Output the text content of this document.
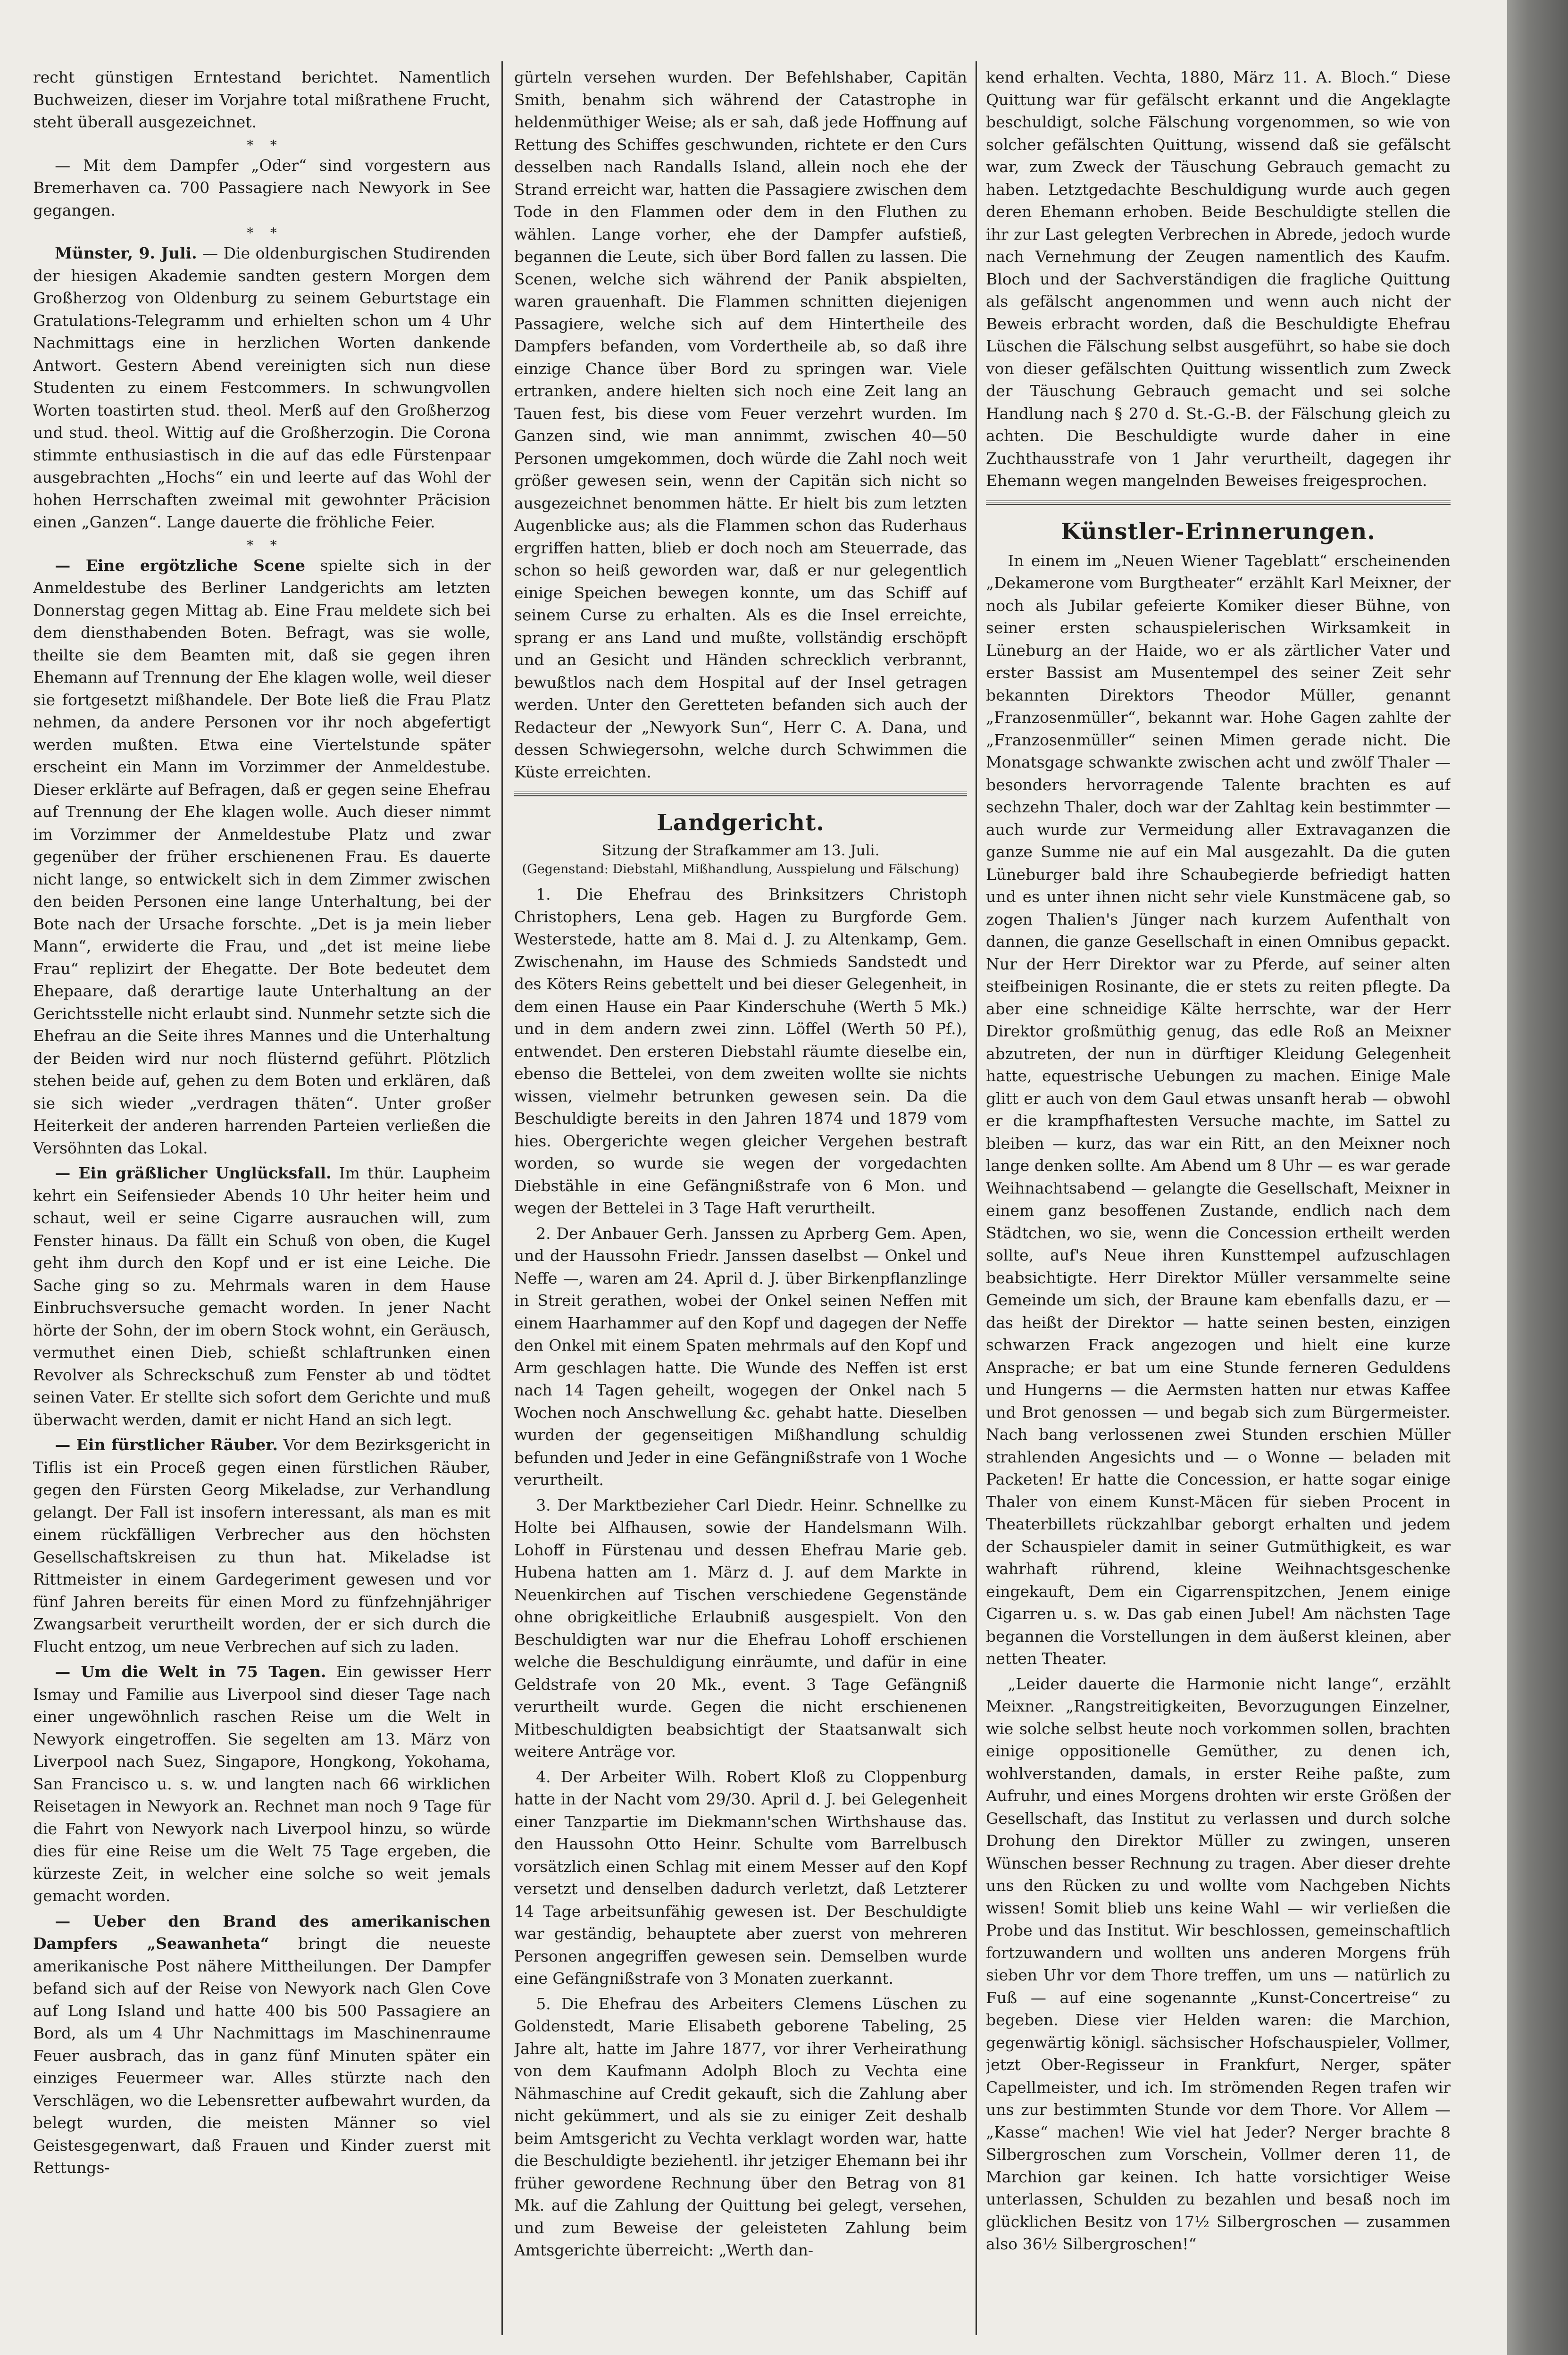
recht günstigen Erntestand berichtet. Namentlich Buchweizen, dieser im Vorjahre total mißrathene Frucht, steht überall ausgezeichnet.

*    *

— Mit dem Dampfer „Oder“ sind vorgestern aus Bremerhaven ca. 700 Passagiere nach Newyork in See gegangen.

*    *

Münster, 9. Juli. — Die oldenburgischen Studirenden der hiesigen Akademie sandten gestern Morgen dem Großherzog von Oldenburg zu seinem Geburtstage ein Gratulations-Telegramm und erhielten schon um 4 Uhr Nachmittags eine in herzlichen Worten dankende Antwort. Gestern Abend vereinigten sich nun diese Studenten zu einem Festcommers. In schwungvollen Worten toastirten stud. theol. Merß auf den Großherzog und stud. theol. Wittig auf die Großherzogin. Die Corona stimmte enthusiastisch in die auf das edle Fürstenpaar ausgebrachten „Hochs“ ein und leerte auf das Wohl der hohen Herrschaften zweimal mit gewohnter Präcision einen „Ganzen“. Lange dauerte die fröhliche Feier.

*    *

— Eine ergötzliche Scene spielte sich in der Anmeldestube des Berliner Landgerichts am letzten Donnerstag gegen Mittag ab. Eine Frau meldete sich bei dem diensthabenden Boten. Befragt, was sie wolle, theilte sie dem Beamten mit, daß sie gegen ihren Ehemann auf Trennung der Ehe klagen wolle, weil dieser sie fortgesetzt mißhandele. Der Bote ließ die Frau Platz nehmen, da andere Personen vor ihr noch abgefertigt werden mußten. Etwa eine Viertelstunde später erscheint ein Mann im Vorzimmer der Anmeldestube. Dieser erklärte auf Befragen, daß er gegen seine Ehefrau auf Trennung der Ehe klagen wolle. Auch dieser nimmt im Vorzimmer der Anmeldestube Platz und zwar gegenüber der früher erschienenen Frau. Es dauerte nicht lange, so entwickelt sich in dem Zimmer zwischen den beiden Personen eine lange Unterhaltung, bei der Bote nach der Ursache forschte. „Det is ja mein lieber Mann“, erwiderte die Frau, und „det ist meine liebe Frau“ replizirt der Ehegatte. Der Bote bedeutet dem Ehepaare, daß derartige laute Unterhaltung an der Gerichtsstelle nicht erlaubt sind. Nunmehr setzte sich die Ehefrau an die Seite ihres Mannes und die Unterhaltung der Beiden wird nur noch flüsternd geführt. Plötzlich stehen beide auf, gehen zu dem Boten und erklären, daß sie sich wieder „verdragen thäten“. Unter großer Heiterkeit der anderen harrenden Parteien verließen die Versöhnten das Lokal.

— Ein gräßlicher Unglücksfall. Im thür. Laupheim kehrt ein Seifensieder Abends 10 Uhr heiter heim und schaut, weil er seine Cigarre ausrauchen will, zum Fenster hinaus. Da fällt ein Schuß von oben, die Kugel geht ihm durch den Kopf und er ist eine Leiche. Die Sache ging so zu. Mehrmals waren in dem Hause Einbruchsversuche gemacht worden. In jener Nacht hörte der Sohn, der im obern Stock wohnt, ein Geräusch, vermuthet einen Dieb, schießt schlaftrunken einen Revolver als Schreckschuß zum Fenster ab und tödtet seinen Vater. Er stellte sich sofort dem Gerichte und muß überwacht werden, damit er nicht Hand an sich legt.

— Ein fürstlicher Räuber. Vor dem Bezirksgericht in Tiflis ist ein Proceß gegen einen fürstlichen Räuber, gegen den Fürsten Georg Mikeladse, zur Verhandlung gelangt. Der Fall ist insofern interessant, als man es mit einem rückfälligen Verbrecher aus den höchsten Gesellschaftskreisen zu thun hat. Mikeladse ist Rittmeister in einem Gardegeriment gewesen und vor fünf Jahren bereits für einen Mord zu fünfzehnjähriger Zwangsarbeit verurtheilt worden, der er sich durch die Flucht entzog, um neue Verbrechen auf sich zu laden.

— Um die Welt in 75 Tagen. Ein gewisser Herr Ismay und Familie aus Liverpool sind dieser Tage nach einer ungewöhnlich raschen Reise um die Welt in Newyork eingetroffen. Sie segelten am 13. März von Liverpool nach Suez, Singapore, Hongkong, Yokohama, San Francisco u. s. w. und langten nach 66 wirklichen Reisetagen in Newyork an. Rechnet man noch 9 Tage für die Fahrt von Newyork nach Liverpool hinzu, so würde dies für eine Reise um die Welt 75 Tage ergeben, die kürzeste Zeit, in welcher eine solche so weit jemals gemacht worden.

— Ueber den Brand des amerikanischen Dampfers „Seawanheta“ bringt die neueste amerikanische Post nähere Mittheilungen. Der Dampfer befand sich auf der Reise von Newyork nach Glen Cove auf Long Island und hatte 400 bis 500 Passagiere an Bord, als um 4 Uhr Nachmittags im Maschinenraume Feuer ausbrach, das in ganz fünf Minuten später ein einziges Feuermeer war. Alles stürzte nach den Verschlägen, wo die Lebensretter aufbewahrt wurden, da belegt wurden, die meisten Männer so viel Geistesgegenwart, daß Frauen und Kinder zuerst mit Rettungs-

gürteln versehen wurden. Der Befehlshaber, Capitän Smith, benahm sich während der Catastrophe in heldenmüthiger Weise; als er sah, daß jede Hoffnung auf Rettung des Schiffes geschwunden, richtete er den Curs desselben nach Randalls Island, allein noch ehe der Strand erreicht war, hatten die Passagiere zwischen dem Tode in den Flammen oder dem in den Fluthen zu wählen. Lange vorher, ehe der Dampfer aufstieß, begannen die Leute, sich über Bord fallen zu lassen. Die Scenen, welche sich während der Panik abspielten, waren grauenhaft. Die Flammen schnitten diejenigen Passagiere, welche sich auf dem Hintertheile des Dampfers befanden, vom Vordertheile ab, so daß ihre einzige Chance über Bord zu springen war. Viele ertranken, andere hielten sich noch eine Zeit lang an Tauen fest, bis diese vom Feuer verzehrt wurden. Im Ganzen sind, wie man annimmt, zwischen 40—50 Personen umgekommen, doch würde die Zahl noch weit größer gewesen sein, wenn der Capitän sich nicht so ausgezeichnet benommen hätte. Er hielt bis zum letzten Augenblicke aus; als die Flammen schon das Ruderhaus ergriffen hatten, blieb er doch noch am Steuerrade, das schon so heiß geworden war, daß er nur gelegentlich einige Speichen bewegen konnte, um das Schiff auf seinem Curse zu erhalten. Als es die Insel erreichte, sprang er ans Land und mußte, vollständig erschöpft und an Gesicht und Händen schrecklich verbrannt, bewußtlos nach dem Hospital auf der Insel getragen werden. Unter den Geretteten befanden sich auch der Redacteur der „Newyork Sun“, Herr C. A. Dana, und dessen Schwiegersohn, welche durch Schwimmen die Küste erreichten.

Landgericht.
Sitzung der Strafkammer am 13. Juli.
(Gegenstand: Diebstahl, Mißhandlung, Ausspielung und Fälschung)

1. Die Ehefrau des Brinksitzers Christoph Christophers, Lena geb. Hagen zu Burgforde Gem. Westerstede, hatte am 8. Mai d. J. zu Altenkamp, Gem. Zwischenahn, im Hause des Schmieds Sandstedt und des Köters Reins gebettelt und bei dieser Gelegenheit, in dem einen Hause ein Paar Kinderschuhe (Werth 5 Mk.) und in dem andern zwei zinn. Löffel (Werth 50 Pf.), entwendet. Den ersteren Diebstahl räumte dieselbe ein, ebenso die Bettelei, von dem zweiten wollte sie nichts wissen, vielmehr betrunken gewesen sein. Da die Beschuldigte bereits in den Jahren 1874 und 1879 vom hies. Obergerichte wegen gleicher Vergehen bestraft worden, so wurde sie wegen der vorgedachten Diebstähle in eine Gefängnißstrafe von 6 Mon. und wegen der Bettelei in 3 Tage Haft verurtheilt.

2. Der Anbauer Gerh. Janssen zu Aprberg Gem. Apen, und der Haussohn Friedr. Janssen daselbst — Onkel und Neffe —, waren am 24. April d. J. über Birkenpflanzlinge in Streit gerathen, wobei der Onkel seinen Neffen mit einem Haarhammer auf den Kopf und dagegen der Neffe den Onkel mit einem Spaten mehrmals auf den Kopf und Arm geschlagen hatte. Die Wunde des Neffen ist erst nach 14 Tagen geheilt, wogegen der Onkel nach 5 Wochen noch Anschwellung &c. gehabt hatte. Dieselben wurden der gegenseitigen Mißhandlung schuldig befunden und Jeder in eine Gefängnißstrafe von 1 Woche verurtheilt.

3. Der Marktbezieher Carl Diedr. Heinr. Schnellke zu Holte bei Alfhausen, sowie der Handelsmann Wilh. Lohoff in Fürstenau und dessen Ehefrau Marie geb. Hubena hatten am 1. März d. J. auf dem Markte in Neuenkirchen auf Tischen verschiedene Gegenstände ohne obrigkeitliche Erlaubniß ausgespielt. Von den Beschuldigten war nur die Ehefrau Lohoff erschienen welche die Beschuldigung einräumte, und dafür in eine Geldstrafe von 20 Mk., event. 3 Tage Gefängniß verurtheilt wurde. Gegen die nicht erschienenen Mitbeschuldigten beabsichtigt der Staatsanwalt sich weitere Anträge vor.

4. Der Arbeiter Wilh. Robert Kloß zu Cloppenburg hatte in der Nacht vom 29/30. April d. J. bei Gelegenheit einer Tanzpartie im Diekmann'schen Wirthshause das. den Haussohn Otto Heinr. Schulte vom Barrelbusch vorsätzlich einen Schlag mit einem Messer auf den Kopf versetzt und denselben dadurch verletzt, daß Letzterer 14 Tage arbeitsunfähig gewesen ist. Der Beschuldigte war geständig, behauptete aber zuerst von mehreren Personen angegriffen gewesen sein. Demselben wurde eine Gefängnißstrafe von 3 Monaten zuerkannt.

5. Die Ehefrau des Arbeiters Clemens Lüschen zu Goldenstedt, Marie Elisabeth geborene Tabeling, 25 Jahre alt, hatte im Jahre 1877, vor ihrer Verheirathung von dem Kaufmann Adolph Bloch zu Vechta eine Nähmaschine auf Credit gekauft, sich die Zahlung aber nicht gekümmert, und als sie zu einiger Zeit deshalb beim Amtsgericht zu Vechta verklagt worden war, hatte die Beschuldigte beziehentl. ihr jetziger Ehemann bei ihr früher gewordene Rechnung über den Betrag von 81 Mk. auf die Zahlung der Quittung bei gelegt, versehen, und zum Beweise der geleisteten Zahlung beim Amtsgerichte überreicht: „Werth dan-

kend erhalten. Vechta, 1880, März 11. A. Bloch.“ Diese Quittung war für gefälscht erkannt und die Angeklagte beschuldigt, solche Fälschung vorgenommen, so wie von solcher gefälschten Quittung, wissend daß sie gefälscht war, zum Zweck der Täuschung Gebrauch gemacht zu haben. Letztgedachte Beschuldigung wurde auch gegen deren Ehemann erhoben. Beide Beschuldigte stellen die ihr zur Last gelegten Verbrechen in Abrede, jedoch wurde nach Vernehmung der Zeugen namentlich des Kaufm. Bloch und der Sachverständigen die fragliche Quittung als gefälscht angenommen und wenn auch nicht der Beweis erbracht worden, daß die Beschuldigte Ehefrau Lüschen die Fälschung selbst ausgeführt, so habe sie doch von dieser gefälschten Quittung wissentlich zum Zweck der Täuschung Gebrauch gemacht und sei solche Handlung nach § 270 d. St.-G.-B. der Fälschung gleich zu achten. Die Beschuldigte wurde daher in eine Zuchthausstrafe von 1 Jahr verurtheilt, dagegen ihr Ehemann wegen mangelnden Beweises freigesprochen.

Künstler-Erinnerungen.

In einem im „Neuen Wiener Tageblatt“ erscheinenden „Dekamerone vom Burgtheater“ erzählt Karl Meixner, der noch als Jubilar gefeierte Komiker dieser Bühne, von seiner ersten schauspielerischen Wirksamkeit in Lüneburg an der Haide, wo er als zärtlicher Vater und erster Bassist am Musentempel des seiner Zeit sehr bekannten Direktors Theodor Müller, genannt „Franzosenmüller“, bekannt war. Hohe Gagen zahlte der „Franzosenmüller“ seinen Mimen gerade nicht. Die Monatsgage schwankte zwischen acht und zwölf Thaler — besonders hervorragende Talente brachten es auf sechzehn Thaler, doch war der Zahltag kein bestimmter — auch wurde zur Vermeidung aller Extravaganzen die ganze Summe nie auf ein Mal ausgezahlt. Da die guten Lüneburger bald ihre Schaubegierde befriedigt hatten und es unter ihnen nicht sehr viele Kunstmäcene gab, so zogen Thalien's Jünger nach kurzem Aufenthalt von dannen, die ganze Gesellschaft in einen Omnibus gepackt. Nur der Herr Direktor war zu Pferde, auf seiner alten steifbeinigen Rosinante, die er stets zu reiten pflegte. Da aber eine schneidige Kälte herrschte, war der Herr Direktor großmüthig genug, das edle Roß an Meixner abzutreten, der nun in dürftiger Kleidung Gelegenheit hatte, equestrische Uebungen zu machen. Einige Male glitt er auch von dem Gaul etwas unsanft herab — obwohl er die krampfhaftesten Versuche machte, im Sattel zu bleiben — kurz, das war ein Ritt, an den Meixner noch lange denken sollte. Am Abend um 8 Uhr — es war gerade Weihnachtsabend — gelangte die Gesellschaft, Meixner in einem ganz besoffenen Zustande, endlich nach dem Städtchen, wo sie, wenn die Concession ertheilt werden sollte, auf's Neue ihren Kunsttempel aufzuschlagen beabsichtigte. Herr Direktor Müller versammelte seine Gemeinde um sich, der Braune kam ebenfalls dazu, er — das heißt der Direktor — hatte seinen besten, einzigen schwarzen Frack angezogen und hielt eine kurze Ansprache; er bat um eine Stunde ferneren Geduldens und Hungerns — die Aermsten hatten nur etwas Kaffee und Brot genossen — und begab sich zum Bürgermeister. Nach bang verlossenen zwei Stunden erschien Müller strahlenden Angesichts und — o Wonne — beladen mit Packeten! Er hatte die Concession, er hatte sogar einige Thaler von einem Kunst-Mäcen für sieben Procent in Theaterbillets rückzahlbar geborgt erhalten und jedem der Schauspieler damit in seiner Gutmüthigkeit, es war wahrhaft rührend, kleine Weihnachtsgeschenke eingekauft, Dem ein Cigarrenspitzchen, Jenem einige Cigarren u. s. w. Das gab einen Jubel! Am nächsten Tage begannen die Vorstellungen in dem äußerst kleinen, aber netten Theater.

„Leider dauerte die Harmonie nicht lange“, erzählt Meixner. „Rangstreitigkeiten, Bevorzugungen Einzelner, wie solche selbst heute noch vorkommen sollen, brachten einige oppositionelle Gemüther, zu denen ich, wohlverstanden, damals, in erster Reihe paßte, zum Aufruhr, und eines Morgens drohten wir erste Größen der Gesellschaft, das Institut zu verlassen und durch solche Drohung den Direktor Müller zu zwingen, unseren Wünschen besser Rechnung zu tragen. Aber dieser drehte uns den Rücken zu und wollte vom Nachgeben Nichts wissen! Somit blieb uns keine Wahl — wir verließen die Probe und das Institut. Wir beschlossen, gemeinschaftlich fortzuwandern und wollten uns anderen Morgens früh sieben Uhr vor dem Thore treffen, um uns — natürlich zu Fuß — auf eine sogenannte „Kunst-Concertreise“ zu begeben. Diese vier Helden waren: die Marchion, gegenwärtig königl. sächsischer Hofschauspieler, Vollmer, jetzt Ober-Regisseur in Frankfurt, Nerger, später Capellmeister, und ich. Im strömenden Regen trafen wir uns zur bestimmten Stunde vor dem Thore. Vor Allem — „Kasse“ machen! Wie viel hat Jeder? Nerger brachte 8 Silbergroschen zum Vorschein, Vollmer deren 11, de Marchion gar keinen. Ich hatte vorsichtiger Weise unterlassen, Schulden zu bezahlen und besaß noch im glücklichen Besitz von 17½ Silbergroschen — zusammen also 36½ Silbergroschen!“
